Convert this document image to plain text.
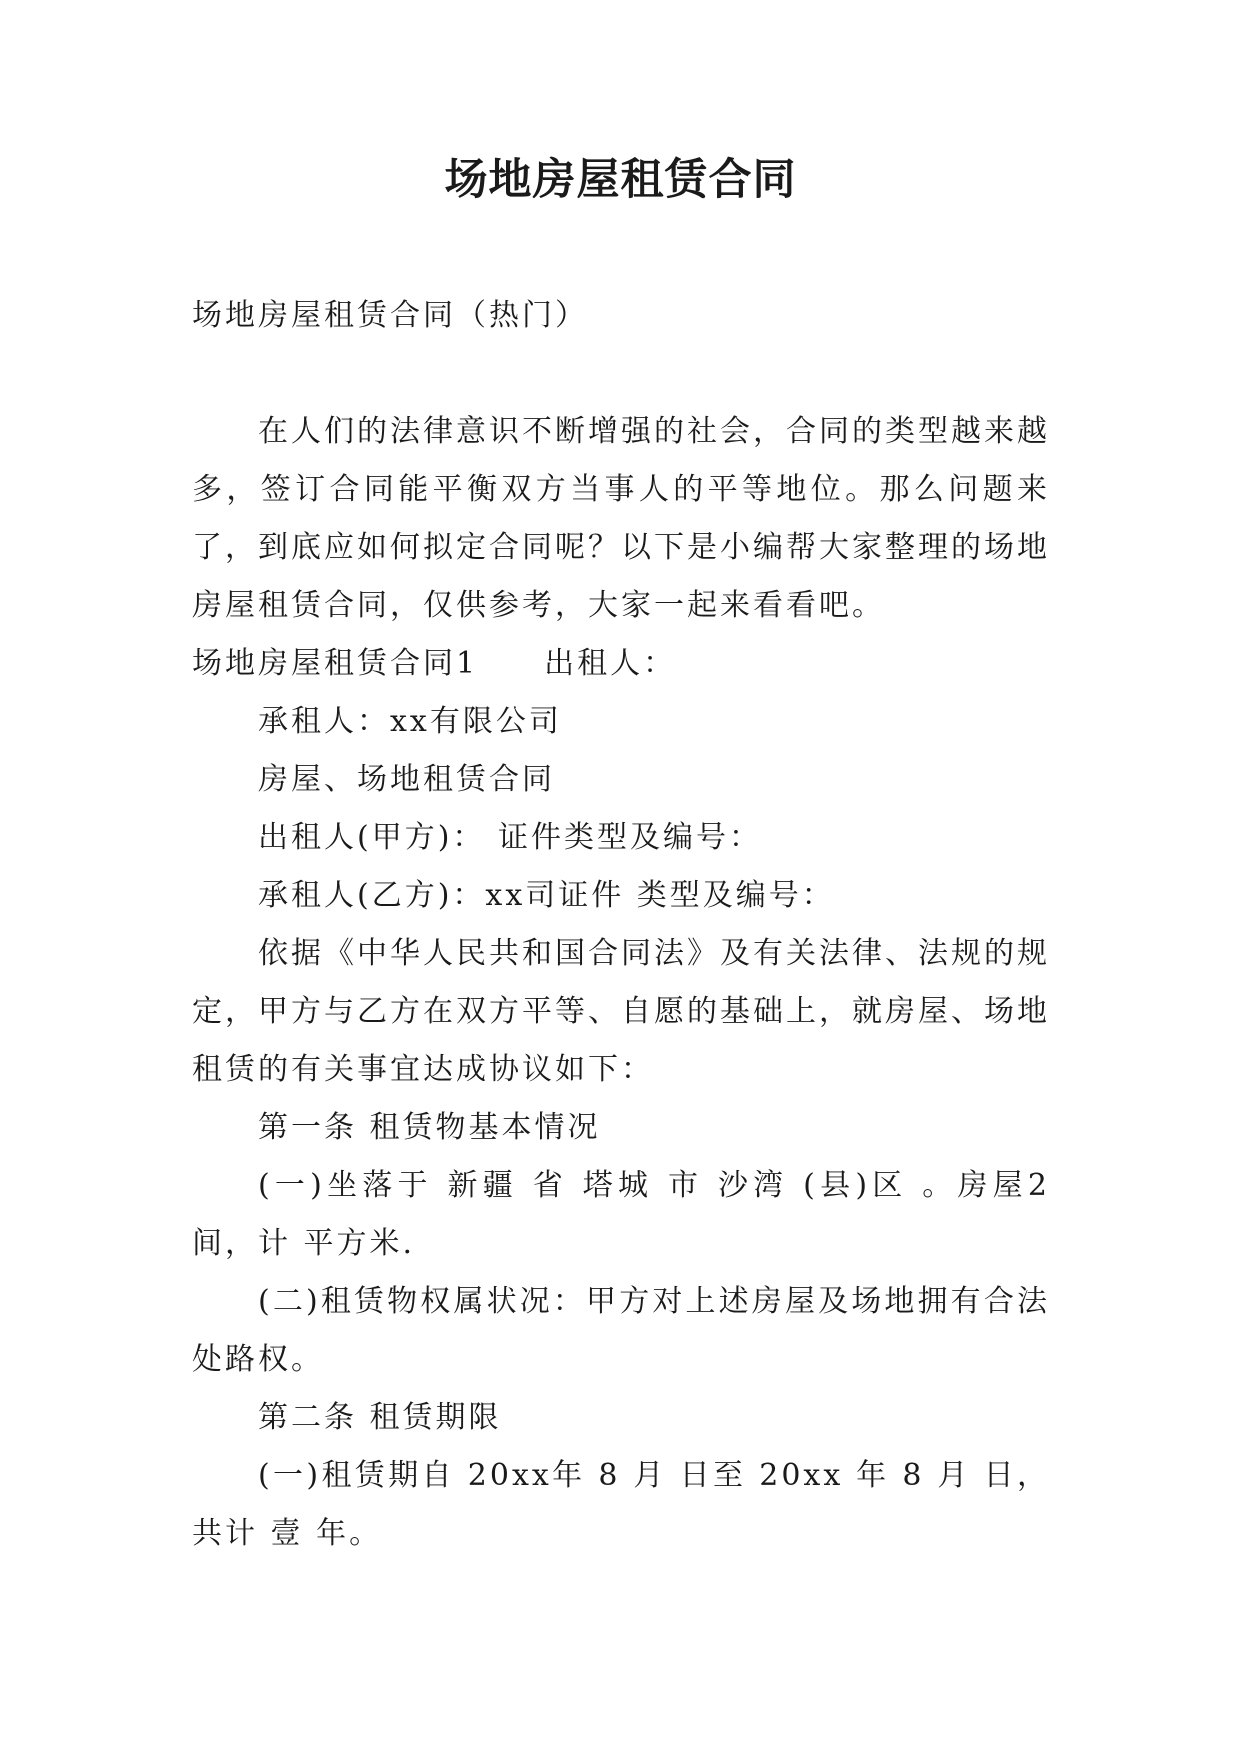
场地房屋租赁合同

场地房屋租赁合同（热门）

在人们的法律意识不断增强的社会，合同的类型越来越多，签订合同能平衡双方当事人的平等地位。那么问题来了，到底应如何拟定合同呢？以下是小编帮大家整理的场地房屋租赁合同，仅供参考，大家一起来看看吧。

场地房屋租赁合同1 出租人：

承租人：xx有限公司

房屋、场地租赁合同

出租人(甲方)： 证件类型及编号：

承租人(乙方)：xx司证件 类型及编号：

依据《中华人民共和国合同法》及有关法律、法规的规定，甲方与乙方在双方平等、自愿的基础上，就房屋、场地租赁的有关事宜达成协议如下：

第一条 租赁物基本情况

(一)坐落于 新疆 省 塔城 市 沙湾 (县)区 。房屋2间，计 平方米.

(二)租赁物权属状况：甲方对上述房屋及场地拥有合法处路权。

第二条 租赁期限

(一)租赁期自 20xx年 8 月 日至 20xx 年 8 月 日，共计 壹 年。
